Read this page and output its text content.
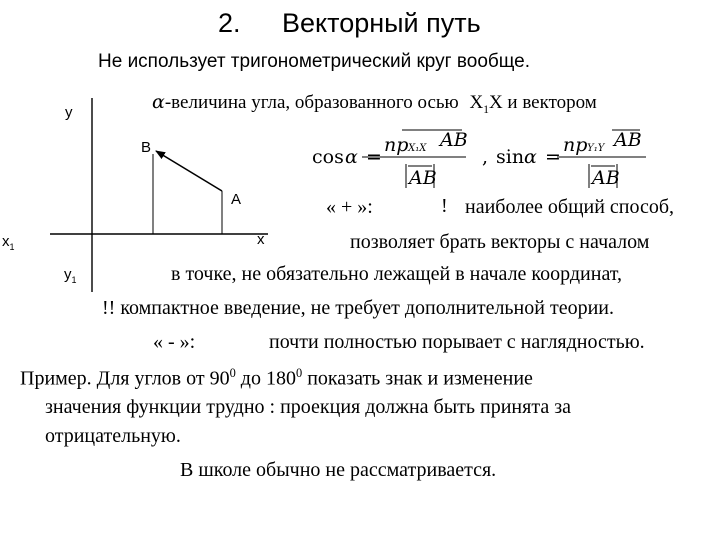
2. Векторный путь
Не использует тригонометрический круг вообще.
α-величина угла, образованного осью $X_1X$ и вектором
cos α =
пр
·X₁X AB
AB
, sin α =
пр
·Y₁Y AB
AB
y
$y_1$
x
$x_1$
B
A	« + »:	! наиболее общий способ,
позволяет брать векторы с началом
в точке, не обязательно лежащей в начале координат,
!! компактное введение, не требует дополнительной теории.
« - »:	почти полностью порывает с наглядностью.
Пример. Для углов от $90^0$ до $180^0$ показать знак и изменение
значения функции трудно : проекция должна быть принята за
отрицательную.
В школе обычно не рассматривается.
